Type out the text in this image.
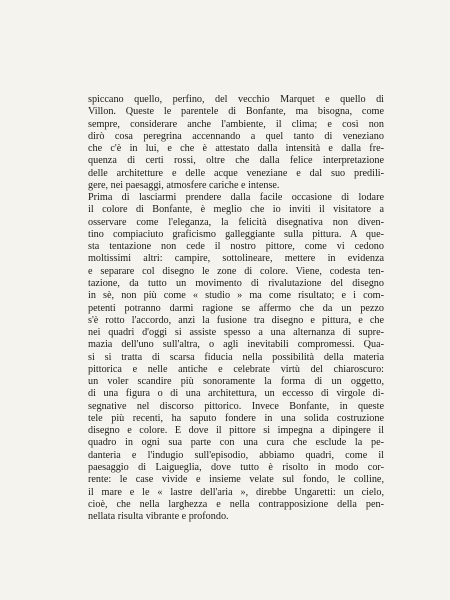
spiccano quello, perfino, del vecchio Marquet e quello di
Villon. Queste le parentele di Bonfante, ma bisogna, come
sempre, considerare anche l'ambiente, il clima; e così non
dirò cosa peregrina accennando a quel tanto di veneziano
che c'è in lui, e che è attestato dalla intensità e dalla fre-
quenza di certi rossi, oltre che dalla felice interpretazione
delle architetture e delle acque veneziane e dal suo predili-
gere, nei paesaggi, atmosfere cariche e intense.
Prima di lasciarmi prendere dalla facile occasione di lodare
il colore di Bonfante, è meglio che io inviti il visitatore a
osservare come l'eleganza, la felicità disegnativa non diven-
tino compiaciuto graficismo galleggiante sulla pittura. A que-
sta tentazione non cede il nostro pittore, come vi cedono
moltissimi altri: campire, sottolineare, mettere in evidenza
e separare col disegno le zone di colore. Viene, codesta ten-
tazione, da tutto un movimento di rivalutazione del disegno
in sè, non più come « studio » ma come risultato; e i com-
petenti potranno darmi ragione se affermo che da un pezzo
s'è rotto l'accordo, anzi la fusione tra disegno e pittura, e che
nei quadri d'oggi si assiste spesso a una alternanza di supre-
mazia dell'uno sull'altra, o agli inevitabili compromessi. Qua-
si si tratta di scarsa fiducia nella possibilità della materia
pittorica e nelle antiche e celebrate virtù del chiaroscuro:
un voler scandire più sonoramente la forma di un oggetto,
di una figura o di una architettura, un eccesso di virgole di-
segnative nel discorso pittorico. Invece Bonfante, in queste
tele più recenti, ha saputo fondere in una solida costruzione
disegno e colore. E dove il pittore si impegna a dipingere il
quadro in ogni sua parte con una cura che esclude la pe-
danteria e l'indugio sull'episodio, abbiamo quadri, come il
paesaggio di Laigueglia, dove tutto è risolto in modo cor-
rente: le case vivide e insieme velate sul fondo, le colline,
il mare e le « lastre dell'aria », direbbe Ungaretti: un cielo,
cioè, che nella larghezza e nella contrapposizione della pen-
nellata risulta vibrante e profondo.
